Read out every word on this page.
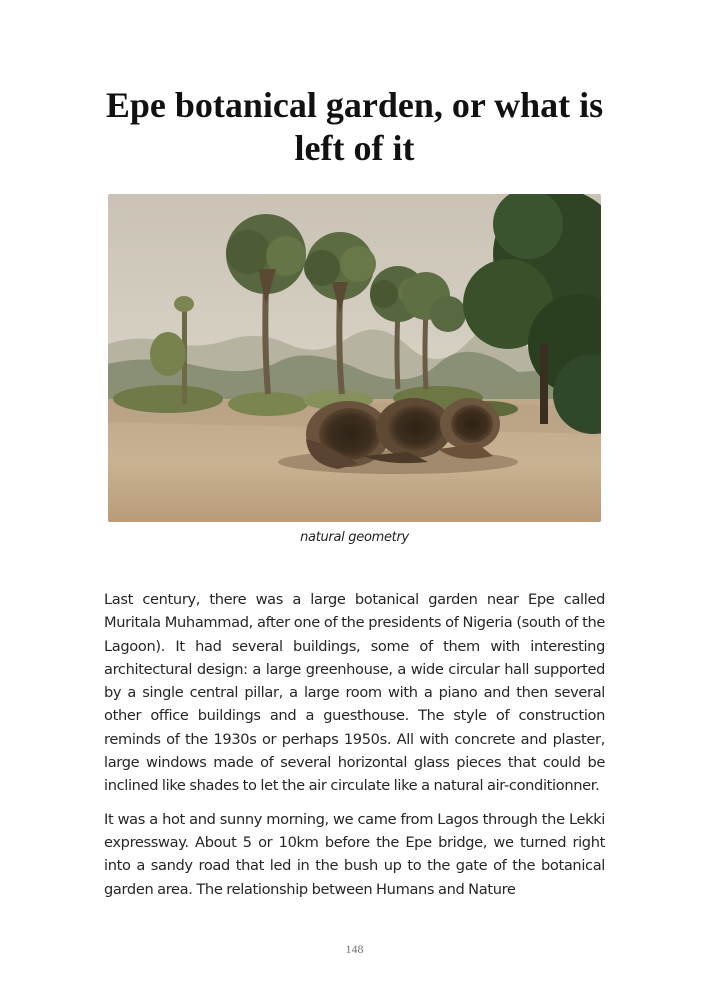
Epe botanical garden, or what is left of it
natural geometry

Last century, there was a large botanical garden near Epe called Muritala Muhammad, after one of the presidents of Nigeria (south of the Lagoon). It had several buildings, some of them with interesting architectural design: a large greenhouse, a wide circular hall supported by a single central pillar, a large room with a piano and then several other office buildings and a guesthouse. The style of construction reminds of the 1930s or perhaps 1950s. All with concrete and plaster, large windows made of several horizontal glass pieces that could be inclined like shades to let the air circulate like a natural air-conditionner.

It was a hot and sunny morning, we came from Lagos through the Lekki expressway. About 5 or 10km before the Epe bridge, we turned right into a sandy road that led in the bush up to the gate of the botanical garden area. The relationship between Humans and Nature

148
